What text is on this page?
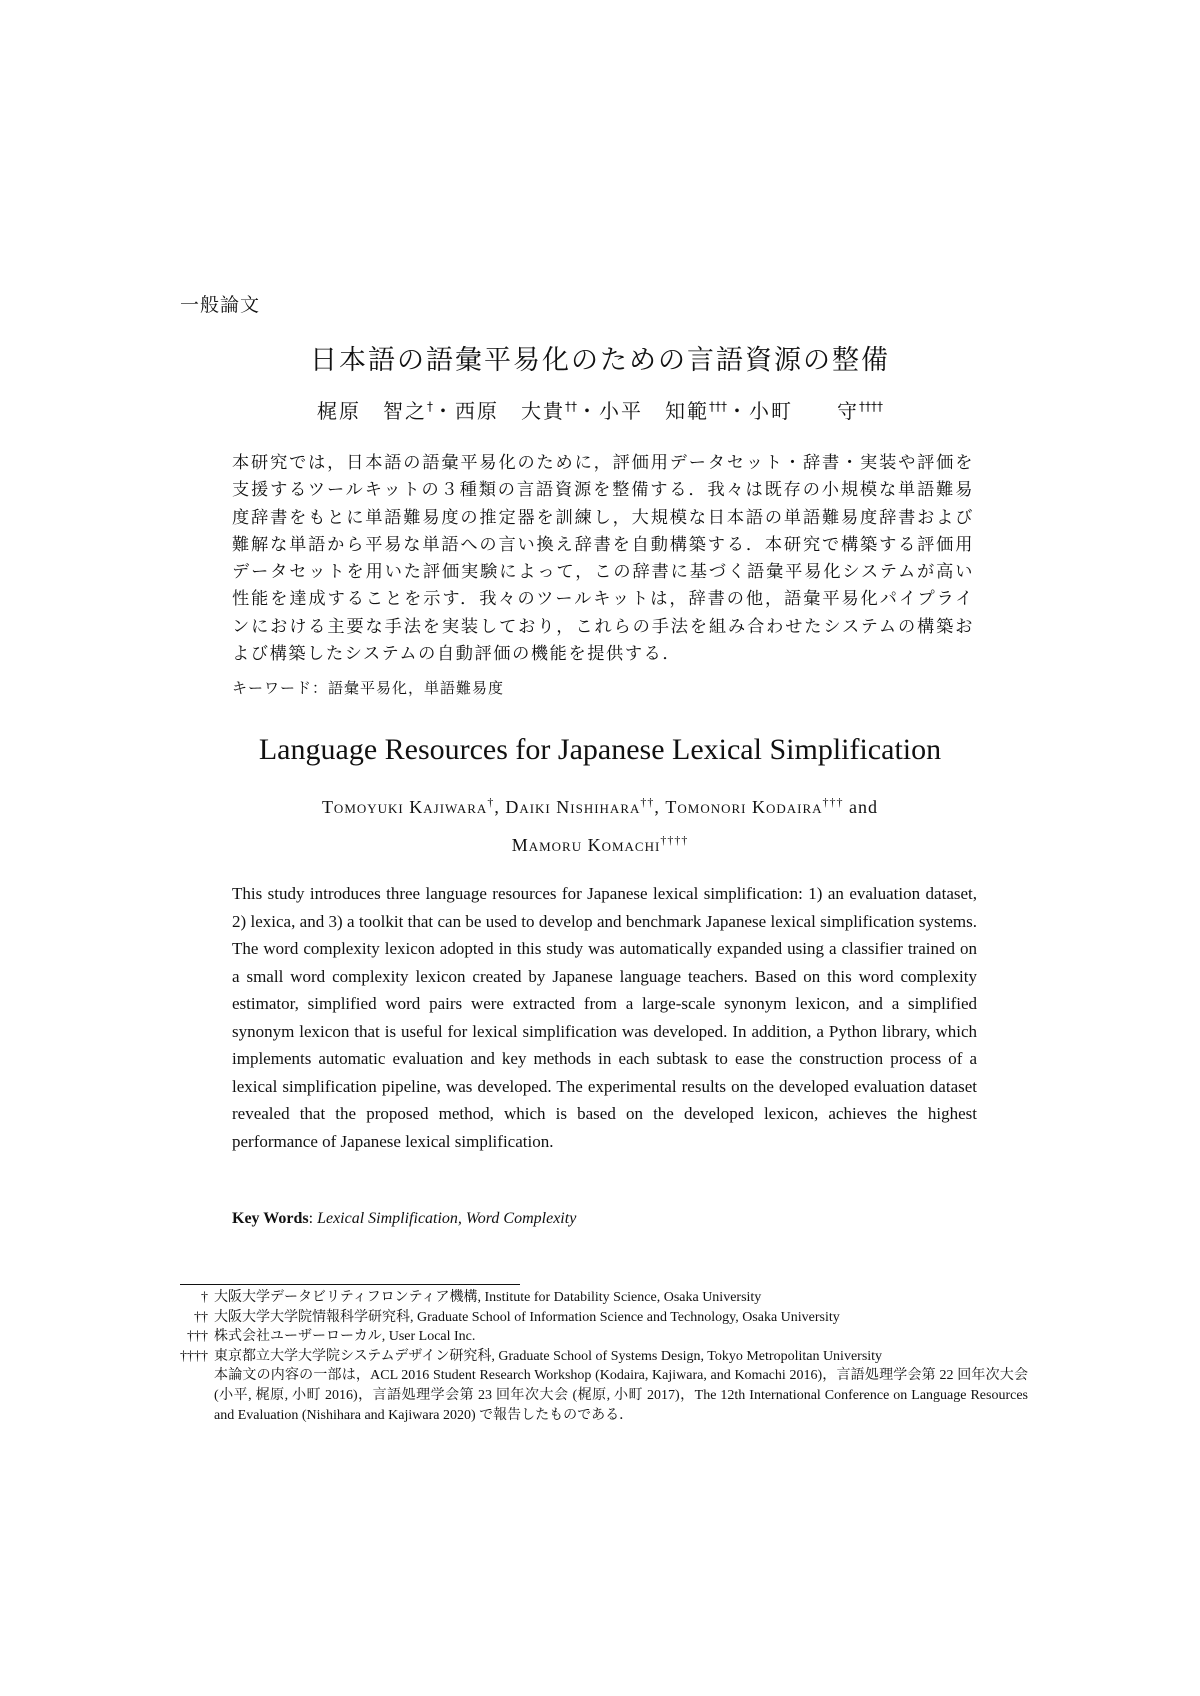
一般論文
日本語の語彙平易化のための言語資源の整備
梶原　智之†・西原　大貴††・小平　知範†††・小町　　守††††

本研究では，日本語の語彙平易化のために，評価用データセット・辞書・実装や評価を支援するツールキットの３種類の言語資源を整備する．我々は既存の小規模な単語難易度辞書をもとに単語難易度の推定器を訓練し，大規模な日本語の単語難易度辞書および難解な単語から平易な単語への言い換え辞書を自動構築する．本研究で構築する評価用データセットを用いた評価実験によって，この辞書に基づく語彙平易化システムが高い性能を達成することを示す．我々のツールキットは，辞書の他，語彙平易化パイプラインにおける主要な手法を実装しており，これらの手法を組み合わせたシステムの構築および構築したシステムの自動評価の機能を提供する．

キーワード：語彙平易化，単語難易度
Language Resources for Japanese Lexical Simplification
Tomoyuki Kajiwara†, Daiki Nishihara††, Tomonori Kodaira††† and
Mamoru Komachi††††

This study introduces three language resources for Japanese lexical simplification: 1) an evaluation dataset, 2) lexica, and 3) a toolkit that can be used to develop and benchmark Japanese lexical simplification systems. The word complexity lexicon adopted in this study was automatically expanded using a classifier trained on a small word complexity lexicon created by Japanese language teachers. Based on this word complexity estimator, simplified word pairs were extracted from a large-scale synonym lexicon, and a simplified synonym lexicon that is useful for lexical simplification was developed. In addition, a Python library, which implements automatic evaluation and key methods in each subtask to ease the construction process of a lexical simplification pipeline, was developed. The experimental results on the developed evaluation dataset revealed that the proposed method, which is based on the developed lexicon, achieves the highest performance of Japanese lexical simplification.

Key Words: Lexical Simplification, Word Complexity
† 大阪大学データビリティフロンティア機構, Institute for Datability Science, Osaka University
†† 大阪大学大学院情報科学研究科, Graduate School of Information Science and Technology, Osaka University
††† 株式会社ユーザーローカル, User Local Inc.
†††† 東京都立大学大学院システムデザイン研究科, Graduate School of Systems Design, Tokyo Metropolitan University
本論文の内容の一部は，ACL 2016 Student Research Workshop (Kodaira, Kajiwara, and Komachi 2016)，言語処理学会第 22 回年次大会 (小平, 梶原, 小町 2016)，言語処理学会第 23 回年次大会 (梶原, 小町 2017)，The 12th International Conference on Language Resources and Evaluation (Nishihara and Kajiwara 2020) で報告したものである．
